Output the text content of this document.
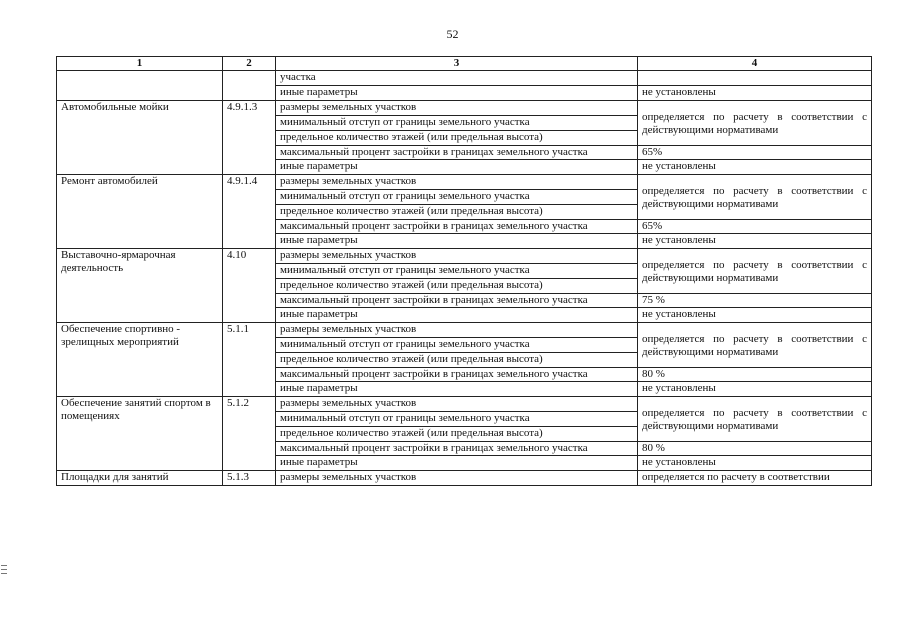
52
1	2	3	4
		участка	
		иные параметры	не установлены
Автомобильные мойки	4.9.1.3	размеры земельных участков	определяется по расчету в соответствии с действующими нормативами
		минимальный отступ от границы земельного участка	
		предельное количество этажей (или предельная высота)	
		максимальный процент застройки в границах земельного участка	65%
		иные параметры	не установлены
Ремонт автомобилей	4.9.1.4	размеры земельных участков	определяется по расчету в соответствии с действующими нормативами
		минимальный отступ от границы земельного участка	
		предельное количество этажей (или предельная высота)	
		максимальный процент застройки в границах земельного участка	65%
		иные параметры	не установлены
Выставочно-ярмарочная деятельность	4.10	размеры земельных участков	определяется по расчету в соответствии с действующими нормативами
		минимальный отступ от границы земельного участка	
		предельное количество этажей (или предельная высота)	
		максимальный процент застройки в границах земельного участка	75 %
		иные параметры	не установлены
Обеспечение спортивно - зрелищных мероприятий	5.1.1	размеры земельных участков	определяется по расчету в соответствии с действующими нормативами
		минимальный отступ от границы земельного участка	
		предельное количество этажей (или предельная высота)	
		максимальный процент застройки в границах земельного участка	80 %
		иные параметры	не установлены
Обеспечение занятий спортом в помещениях	5.1.2	размеры земельных участков	определяется по расчету в соответствии с действующими нормативами
		минимальный отступ от границы земельного участка	
		предельное количество этажей (или предельная высота)	
		максимальный процент застройки в границах земельного участка	80 %
		иные параметры	не установлены
Площадки для занятий	5.1.3	размеры земельных участков	определяется по расчету в соответствии
